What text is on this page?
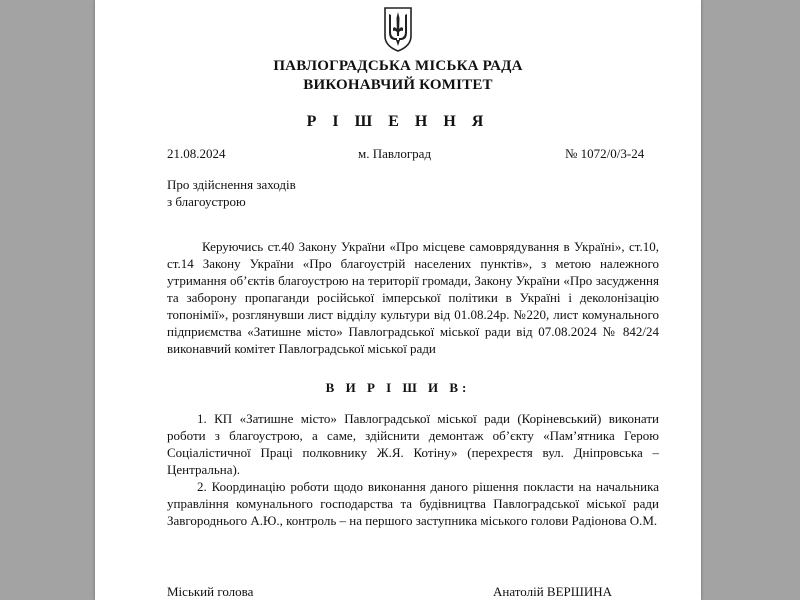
ПАВЛОГРАДСЬКА МІСЬКА РАДА
ВИКОНАВЧИЙ КОМІТЕТ
Р І Ш Е Н Н Я
21.08.2024	м. Павлоград	№ 1072/0/3-24
Про здійснення заходів
з благоустрою
Керуючись ст.40 Закону України «Про місцеве самоврядування в Україні», ст.10, ст.14 Закону України «Про благоустрій населених пунктів», з метою належного утримання об’єктів благоустрою на території громади, Закону України «Про засудження та заборону пропаганди російської імперської політики в Україні і деколонізацію топонімії», розглянувши лист відділу культури від 01.08.24р. №220, лист комунального підприємства «Затишне місто» Павлоградської міської ради від 07.08.2024 № 842/24 виконавчий комітет Павлоградської міської ради
В И Р І Ш И В:
1. КП «Затишне місто» Павлоградської міської ради (Коріневський) виконати роботи з благоустрою, а саме, здійснити демонтаж об’єкту «Пам’ятника Герою Соціалістичної Праці полковнику Ж.Я. Котіну» (перехрестя вул. Дніпровська –Центральна).
2. Координацію роботи щодо виконання даного рішення покласти на начальника управління комунального господарства та будівництва Павлоградської міської ради Завгороднього А.Ю., контроль – на першого заступника міського голови Радіонова О.М.
Міський голова	Анатолій ВЕРШИНА
